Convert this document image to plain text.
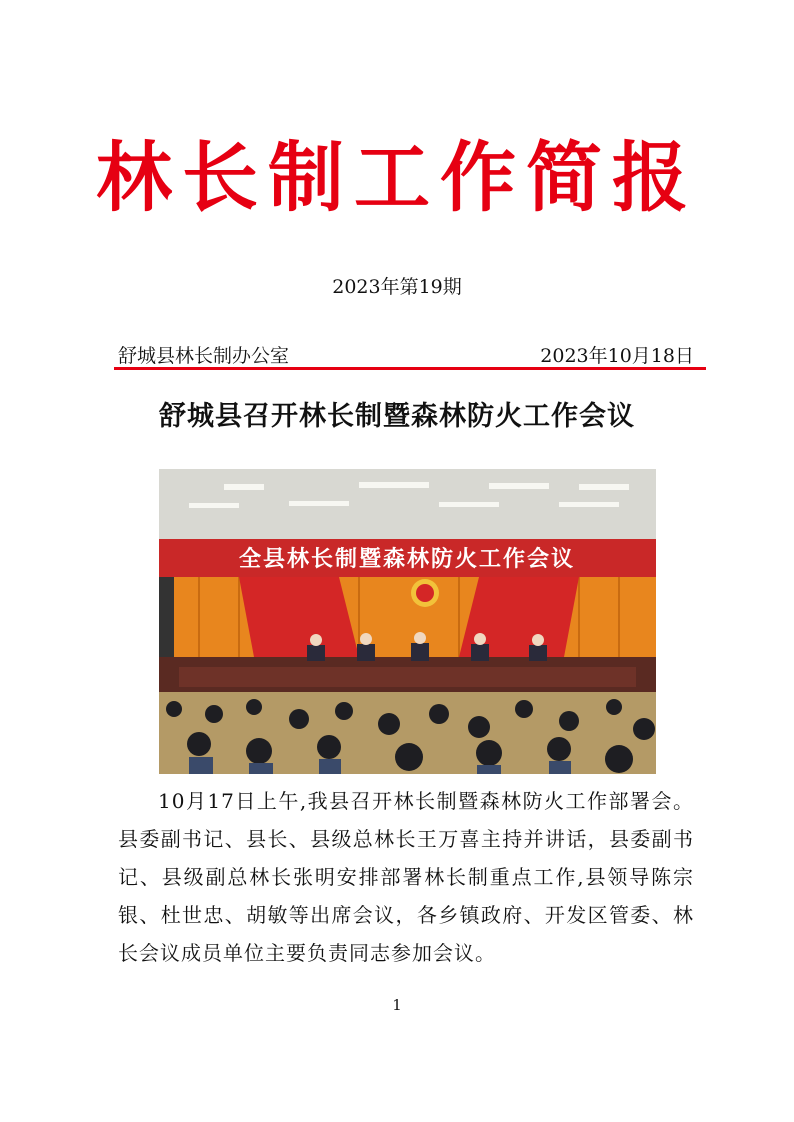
林长制工作简报
2023年第19期
舒城县林长制办公室	2023年10月18日
舒城县召开林长制暨森林防火工作会议
全县林长制暨森林防火工作会议
10月17日上午,我县召开林长制暨森林防火工作部署会。县委副书记、县长、县级总林长王万喜主持并讲话，县委副书记、县级副总林长张明安排部署林长制重点工作,县领导陈宗银、杜世忠、胡敏等出席会议，各乡镇政府、开发区管委、林长会议成员单位主要负责同志参加会议。
1
